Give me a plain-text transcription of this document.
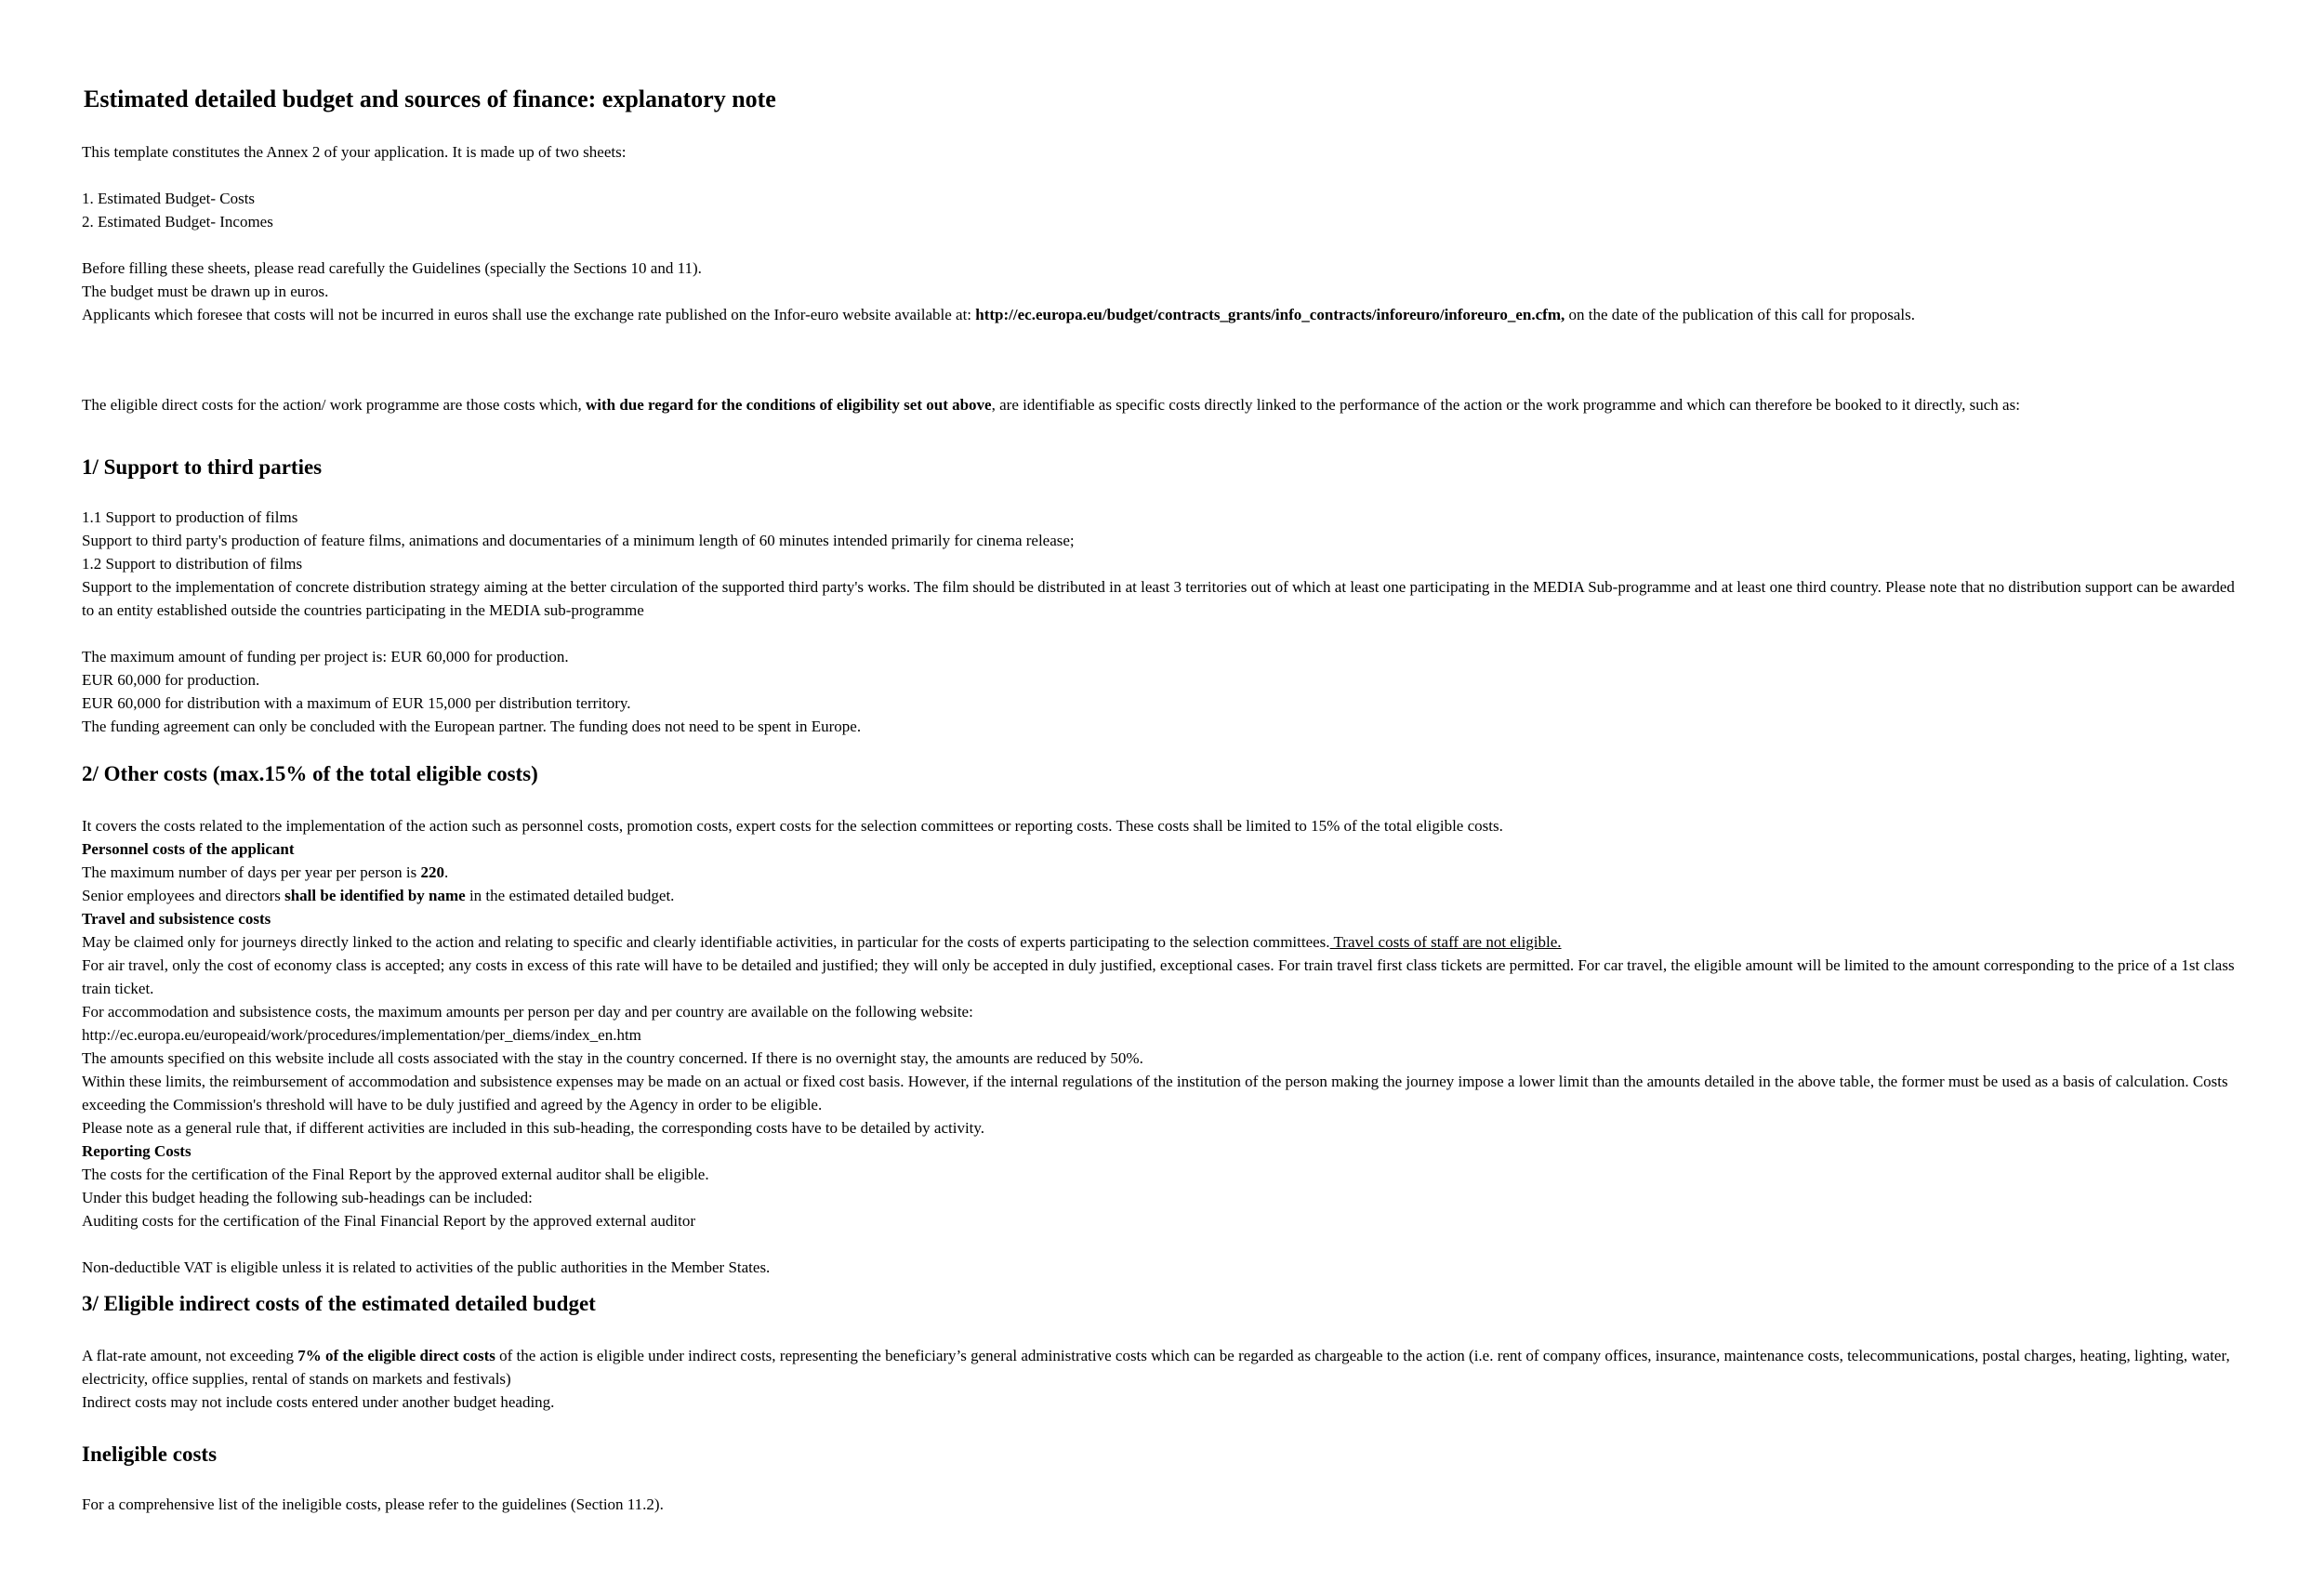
Estimated detailed budget and sources of finance: explanatory note
This template constitutes the Annex 2 of your application. It is made up of two sheets:
1. Estimated Budget- Costs
2. Estimated Budget- Incomes
Before filling these sheets, please read carefully the Guidelines (specially the Sections 10 and 11).
The budget must be drawn up in euros.
Applicants which foresee that costs will not be incurred in euros shall use the exchange rate published on the Infor-euro website available at: http://ec.europa.eu/budget/contracts_grants/info_contracts/inforeuro/inforeuro_en.cfm, on the date of the publication of this call for proposals.
The eligible direct costs for the action/ work programme are those costs which, with due regard for the conditions of eligibility set out above, are identifiable as specific costs directly linked to the performance of the action or the work programme and which can therefore be booked to it directly, such as:
1/ Support to third parties
1.1 Support to production of films
Support to third party's production of feature films, animations and documentaries of a minimum length of 60 minutes intended primarily for cinema release;
1.2 Support to distribution of films
Support to the implementation of concrete distribution strategy aiming at the better circulation of the supported third party's works. The film should be distributed in at least 3 territories out of which at least one participating in the MEDIA Sub-programme and at least one third country. Please note that no distribution support can be awarded to an entity established outside the countries participating in the MEDIA sub-programme
The maximum amount of funding per project is: EUR 60,000 for production.
EUR 60,000 for production.
EUR 60,000 for distribution with a maximum of EUR 15,000 per distribution territory.
The funding agreement can only be concluded with the European partner. The funding does not need to be spent in Europe.
2/ Other costs (max.15% of the total eligible costs)
It covers the costs related to the implementation of the action such as personnel costs, promotion costs, expert costs for the selection committees or reporting costs. These costs shall be limited to 15% of the total eligible costs.
Personnel costs of the applicant
The maximum number of days per year per person is 220.
Senior employees and directors shall be identified by name in the estimated detailed budget.
Travel and subsistence costs
May be claimed only for journeys directly linked to the action and relating to specific and clearly identifiable activities, in particular for the costs of experts participating to the selection committees. Travel costs of staff are not eligible.
For air travel, only the cost of economy class is accepted; any costs in excess of this rate will have to be detailed and justified; they will only be accepted in duly justified, exceptional cases. For train travel first class tickets are permitted. For car travel, the eligible amount will be limited to the amount corresponding to the price of a 1st class train ticket.
For accommodation and subsistence costs, the maximum amounts per person per day and per country are available on the following website:
http://ec.europa.eu/europeaid/work/procedures/implementation/per_diems/index_en.htm
The amounts specified on this website include all costs associated with the stay in the country concerned. If there is no overnight stay, the amounts are reduced by 50%.
Within these limits, the reimbursement of accommodation and subsistence expenses may be made on an actual or fixed cost basis. However, if the internal regulations of the institution of the person making the journey impose a lower limit than the amounts detailed in the above table, the former must be used as a basis of calculation. Costs exceeding the Commission's threshold will have to be duly justified and agreed by the Agency in order to be eligible.
Please note as a general rule that, if different activities are included in this sub-heading, the corresponding costs have to be detailed by activity.
Reporting Costs
The costs for the certification of the Final Report by the approved external auditor shall be eligible.
Under this budget heading the following sub-headings can be included:
Auditing costs for the certification of the Final Financial Report by the approved external auditor
Non-deductible VAT is eligible unless it is related to activities of the public authorities in the Member States.
3/ Eligible indirect costs of the estimated detailed budget
A flat-rate amount, not exceeding 7% of the eligible direct costs of the action is eligible under indirect costs, representing the beneficiary’s general administrative costs which can be regarded as chargeable to the action (i.e. rent of company offices, insurance, maintenance costs, telecommunications, postal charges, heating, lighting, water, electricity, office supplies, rental of stands on markets and festivals)
Indirect costs may not include costs entered under another budget heading.
Ineligible costs
For a comprehensive list of the ineligible costs, please refer to the guidelines (Section 11.2).
